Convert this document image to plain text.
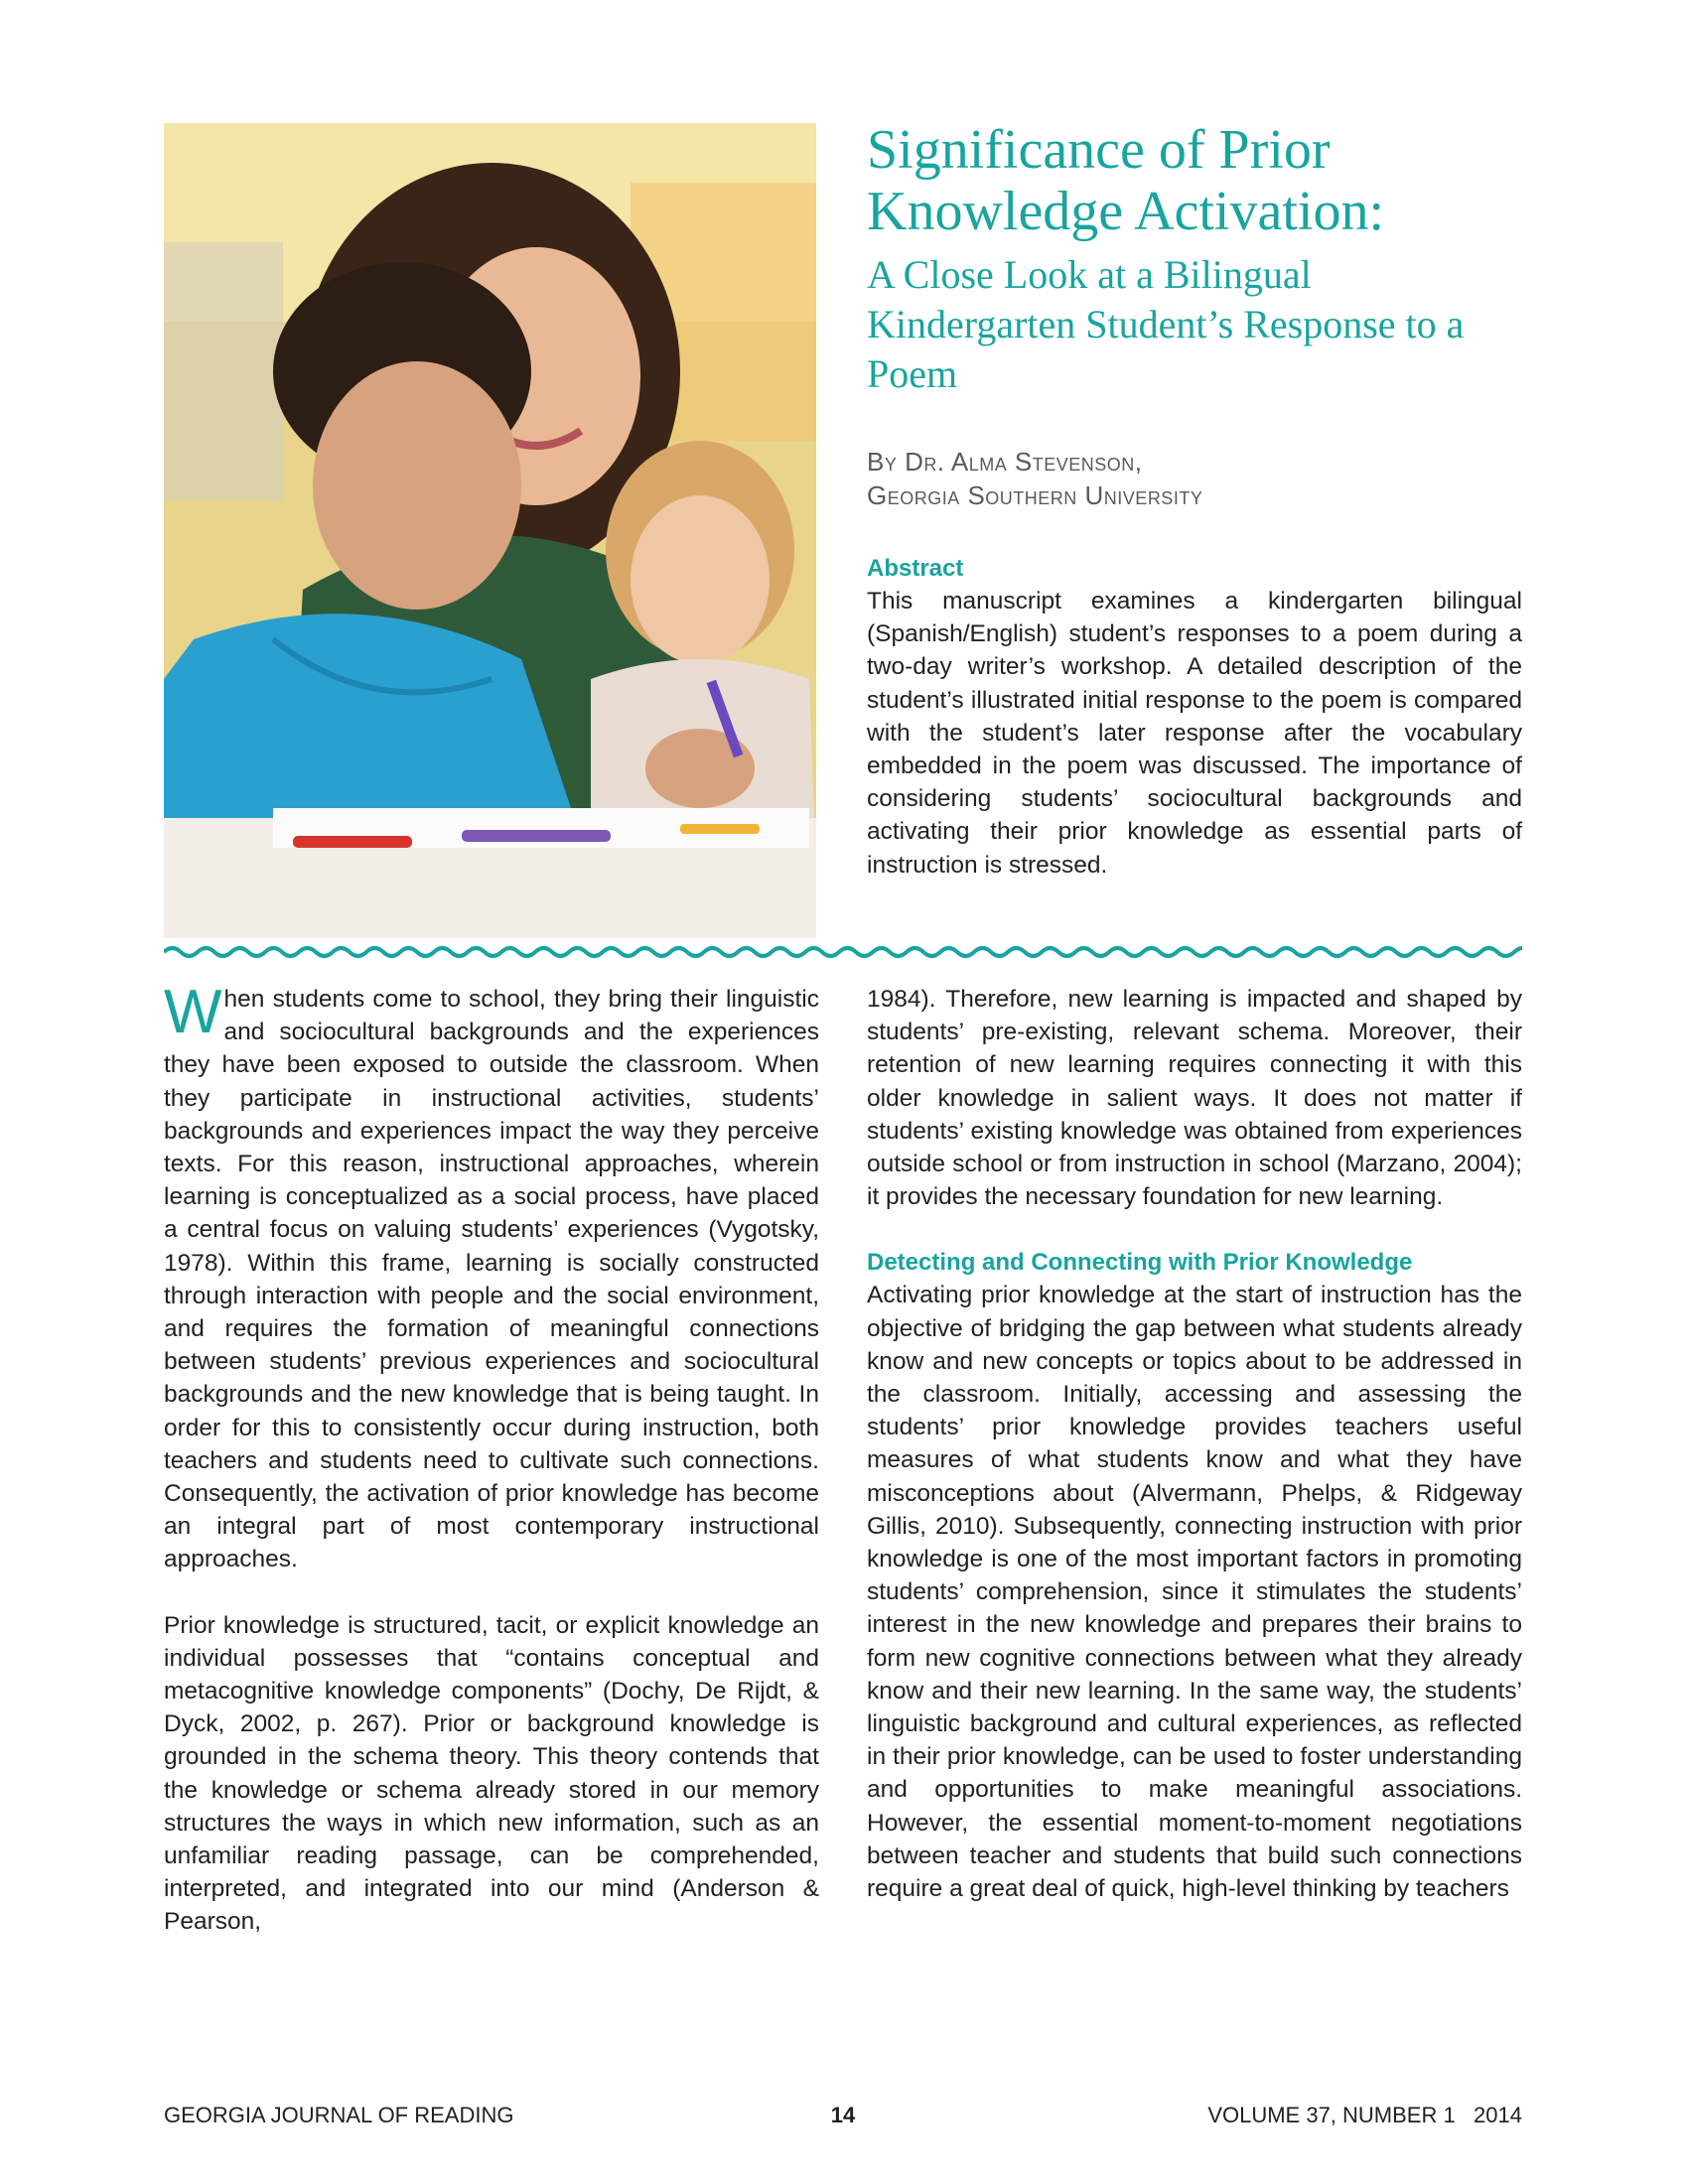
Significance of Prior Knowledge Activation:
A Close Look at a Bilingual Kindergarten Student’s Response to a Poem
By Dr. Alma Stevenson,
Georgia Southern University
Abstract

This manuscript examines a kindergarten bilingual (Spanish/English) student’s responses to a poem during a two-day writer’s workshop. A detailed description of the student’s illustrated initial response to the poem is compared with the student’s later response after the vocabulary embedded in the poem was discussed. The importance of considering students’ sociocultural backgrounds and activating their prior knowledge as essential parts of instruction is stressed.

When students come to school, they bring their linguistic and sociocultural backgrounds and the experiences they have been exposed to outside the classroom. When they participate in instructional activities, students’ backgrounds and experiences impact the way they perceive texts. For this reason, instructional approaches, wherein learning is conceptualized as a social process, have placed a central focus on valuing students’ experiences (Vygotsky, 1978). Within this frame, learning is socially constructed through interaction with people and the social environment, and requires the formation of meaningful connections between students’ previous experiences and sociocultural backgrounds and the new knowledge that is being taught. In order for this to consistently occur during instruction, both teachers and students need to cultivate such connections. Consequently, the activation of prior knowledge has become an integral part of most contemporary instructional approaches.

Prior knowledge is structured, tacit, or explicit knowledge an individual possesses that “contains conceptual and metacognitive knowledge components” (Dochy, De Rijdt, & Dyck, 2002, p. 267). Prior or background knowledge is grounded in the schema theory. This theory contends that the knowledge or schema already stored in our memory structures the ways in which new information, such as an unfamiliar reading passage, can be comprehended, interpreted, and integrated into our mind (Anderson & Pearson,

1984). Therefore, new learning is impacted and shaped by students’ pre-existing, relevant schema. Moreover, their retention of new learning requires connecting it with this older knowledge in salient ways. It does not matter if students’ existing knowledge was obtained from experiences outside school or from instruction in school (Marzano, 2004); it provides the necessary foundation for new learning.

Detecting and Connecting with Prior Knowledge

Activating prior knowledge at the start of instruction has the objective of bridging the gap between what students already know and new concepts or topics about to be addressed in the classroom. Initially, accessing and assessing the students’ prior knowledge provides teachers useful measures of what students know and what they have misconceptions about (Alvermann, Phelps, & Ridgeway Gillis, 2010). Subsequently, connecting instruction with prior knowledge is one of the most important factors in promoting students’ comprehension, since it stimulates the students’ interest in the new knowledge and prepares their brains to form new cognitive connections between what they already know and their new learning. In the same way, the students’ linguistic background and cultural experiences, as reflected in their prior knowledge, can be used to foster understanding and opportunities to make meaningful associations. However, the essential moment-to-moment negotiations between teacher and students that build such connections require a great deal of quick, high-level thinking by teachers

GEORGIA JOURNAL OF READING	14	VOLUME 37, NUMBER 1   2014
